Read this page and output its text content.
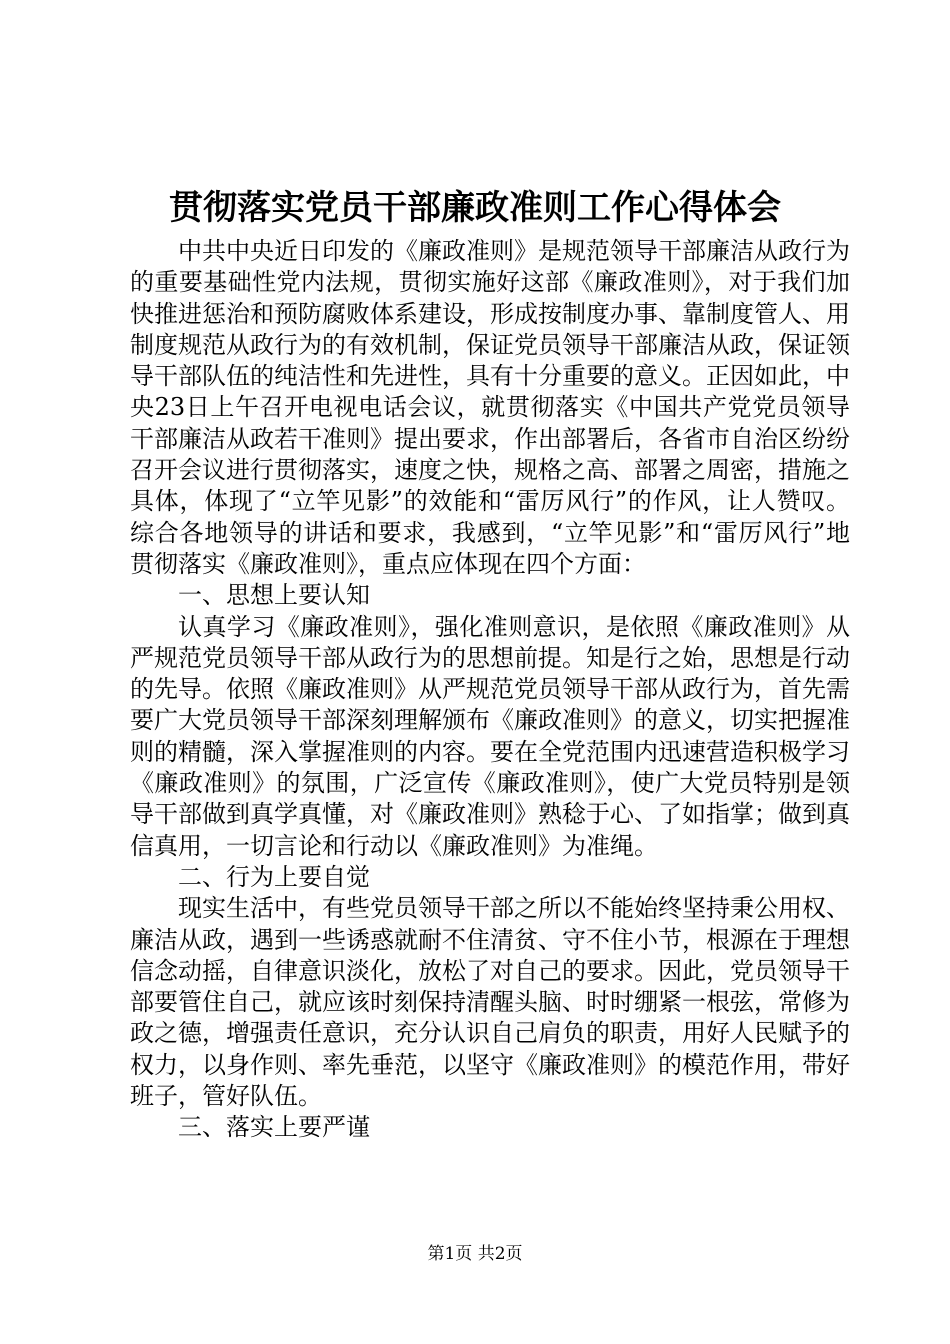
贯彻落实党员干部廉政准则工作心得体会

中共中央近日印发的《廉政准则》是规范领导干部廉洁从政行为的重要基础性党内法规，贯彻实施好这部《廉政准则》，对于我们加快推进惩治和预防腐败体系建设，形成按制度办事、靠制度管人、用制度规范从政行为的有效机制，保证党员领导干部廉洁从政，保证领导干部队伍的纯洁性和先进性，具有十分重要的意义。正因如此，中央23日上午召开电视电话会议，就贯彻落实《中国共产党党员领导干部廉洁从政若干准则》提出要求，作出部署后，各省市自治区纷纷召开会议进行贯彻落实，速度之快，规格之高、部署之周密，措施之具体，体现了“立竿见影”的效能和“雷厉风行”的作风，让人赞叹。综合各地领导的讲话和要求，我感到，“立竿见影”和“雷厉风行”地贯彻落实《廉政准则》，重点应体现在四个方面：

一、思想上要认知

认真学习《廉政准则》，强化准则意识，是依照《廉政准则》从严规范党员领导干部从政行为的思想前提。知是行之始，思想是行动的先导。依照《廉政准则》从严规范党员领导干部从政行为，首先需要广大党员领导干部深刻理解颁布《廉政准则》的意义，切实把握准则的精髓，深入掌握准则的内容。要在全党范围内迅速营造积极学习《廉政准则》的氛围，广泛宣传《廉政准则》，使广大党员特别是领导干部做到真学真懂，对《廉政准则》熟稔于心、了如指掌；做到真信真用，一切言论和行动以《廉政准则》为准绳。

二、行为上要自觉

现实生活中，有些党员领导干部之所以不能始终坚持秉公用权、廉洁从政，遇到一些诱惑就耐不住清贫、守不住小节，根源在于理想信念动摇，自律意识淡化，放松了对自己的要求。因此，党员领导干部要管住自己，就应该时刻保持清醒头脑、时时绷紧一根弦，常修为政之德，增强责任意识，充分认识自己肩负的职责，用好人民赋予的权力，以身作则、率先垂范，以坚守《廉政准则》的模范作用，带好班子，管好队伍。

三、落实上要严谨

第1页 共2页
